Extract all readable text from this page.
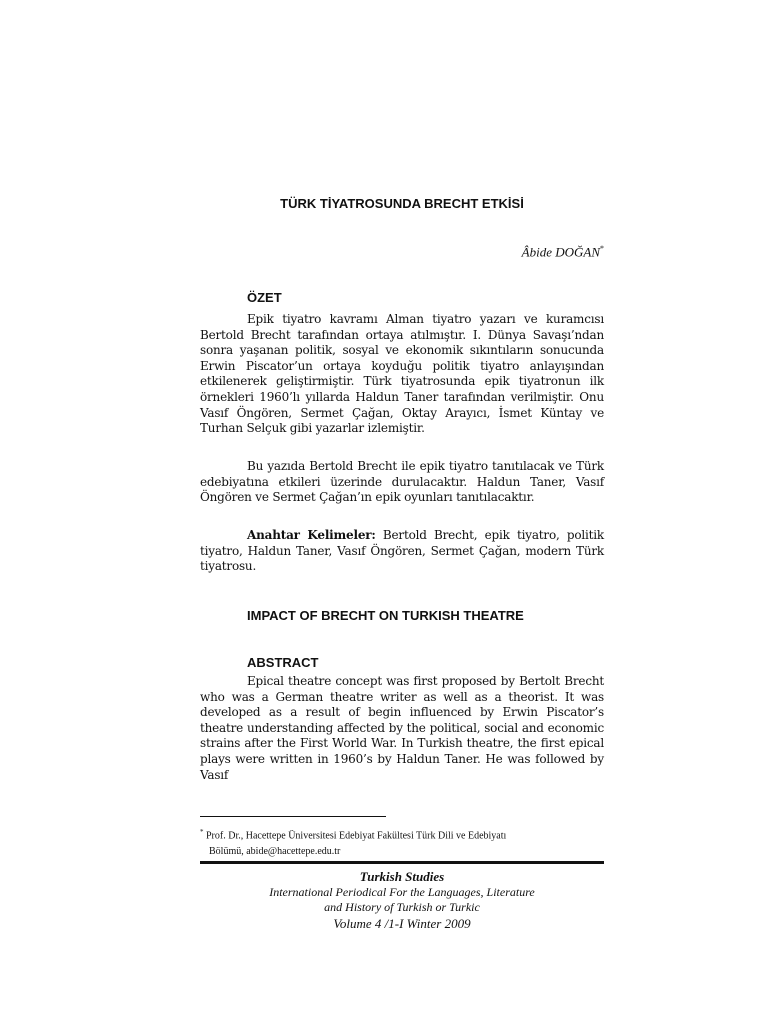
TÜRK TİYATROSUNDA BRECHT ETKİSİ
Âbide DOĞAN*
ÖZET

Epik tiyatro kavramı Alman tiyatro yazarı ve kuramcısı Bertold Brecht tarafından ortaya atılmıştır. I. Dünya Savaşı’ndan sonra yaşanan politik, sosyal ve ekonomik sıkıntıların sonucunda Erwin Piscator’un ortaya koyduğu politik tiyatro anlayışından etkilenerek geliştirmiştir. Türk tiyatrosunda epik tiyatronun ilk örnekleri 1960’lı yıllarda Haldun Taner tarafından verilmiştir. Onu Vasıf Öngören, Sermet Çağan, Oktay Arayıcı, İsmet Küntay ve Turhan Selçuk gibi yazarlar izlemiştir.

Bu yazıda Bertold Brecht ile epik tiyatro tanıtılacak ve Türk edebiyatına etkileri üzerinde durulacaktır. Haldun Taner, Vasıf Öngören ve Sermet Çağan’ın epik oyunları tanıtılacaktır.

Anahtar Kelimeler: Bertold Brecht, epik tiyatro, politik tiyatro, Haldun Taner, Vasıf Öngören, Sermet Çağan, modern Türk tiyatrosu.

IMPACT OF BRECHT ON TURKISH THEATRE
ABSTRACT

Epical theatre concept was first proposed by Bertolt Brecht who was a German theatre writer as well as a theorist. It was developed as a result of begin influenced by Erwin Piscator’s theatre understanding affected by the political, social and economic strains after the First World War. In Turkish theatre, the first epical plays were written in 1960’s by Haldun Taner. He was followed by Vasıf

* Prof. Dr., Hacettepe Üniversitesi Edebiyat Fakültesi Türk Dili ve Edebiyatı
Bölümü, abide@hacettepe.edu.tr
Turkish Studies
International Periodical For the Languages, Literature
and History of Turkish or Turkic
Volume 4 /1-I Winter 2009
